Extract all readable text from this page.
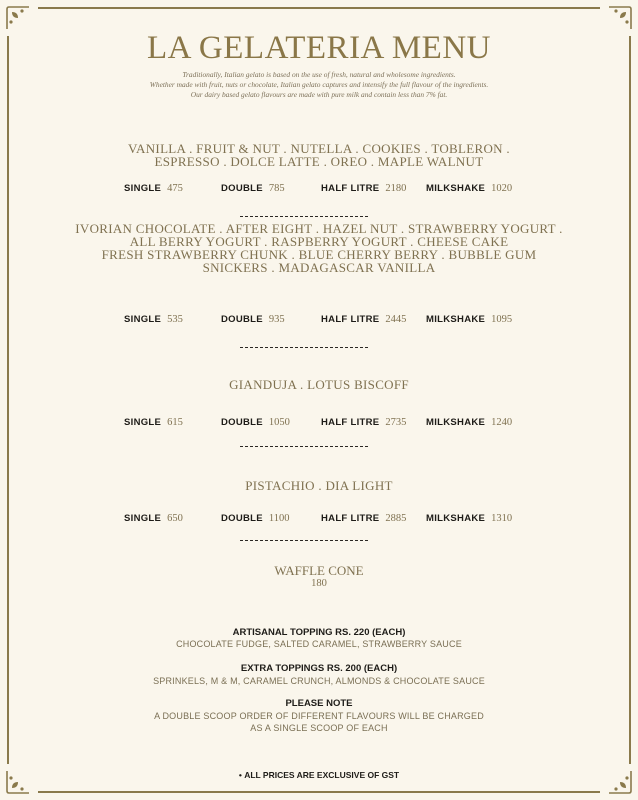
LA GELATERIA MENU
Traditionally, Italian gelato is based on the use of fresh, natural and wholesome ingredients.
Whether made with fruit, nuts or chocolate, Italian gelato captures and intensify the full flavour of the ingredients.
Our dairy based gelato flavours are made with pure milk and contain less than 7% fat.
VANILLA . FRUIT & NUT . NUTELLA . COOKIES . TOBLERON .
ESPRESSO . DOLCE LATTE . OREO . MAPLE WALNUT
SINGLE 475	DOUBLE 785	HALF LITRE 2180 MILKSHAKE 1020
IVORIAN CHOCOLATE . AFTER EIGHT . HAZEL NUT . STRAWBERRY YOGURT .
ALL BERRY YOGURT . RASPBERRY YOGURT . CHEESE CAKE
FRESH STRAWBERRY CHUNK . BLUE CHERRY BERRY . BUBBLE GUM
SNICKERS . MADAGASCAR VANILLA
SINGLE 535	DOUBLE 935	HALF LITRE 2445 MILKSHAKE 1095
GIANDUJA . LOTUS BISCOFF
SINGLE 615	DOUBLE 1050	HALF LITRE 2735 MILKSHAKE 1240
PISTACHIO . DIA LIGHT
SINGLE 650	DOUBLE 1100	HALF LITRE 2885 MILKSHAKE 1310
WAFFLE CONE
180
ARTISANAL TOPPING RS. 220 (EACH)
CHOCOLATE FUDGE, SALTED CARAMEL, STRAWBERRY SAUCE
EXTRA TOPPINGS RS. 200 (EACH)
SPRINKELS, M & M, CARAMEL CRUNCH, ALMONDS & CHOCOLATE SAUCE
PLEASE NOTE
A DOUBLE SCOOP ORDER OF DIFFERENT FLAVOURS WILL BE CHARGED
AS A SINGLE SCOOP OF EACH
• ALL PRICES ARE EXCLUSIVE OF GST
